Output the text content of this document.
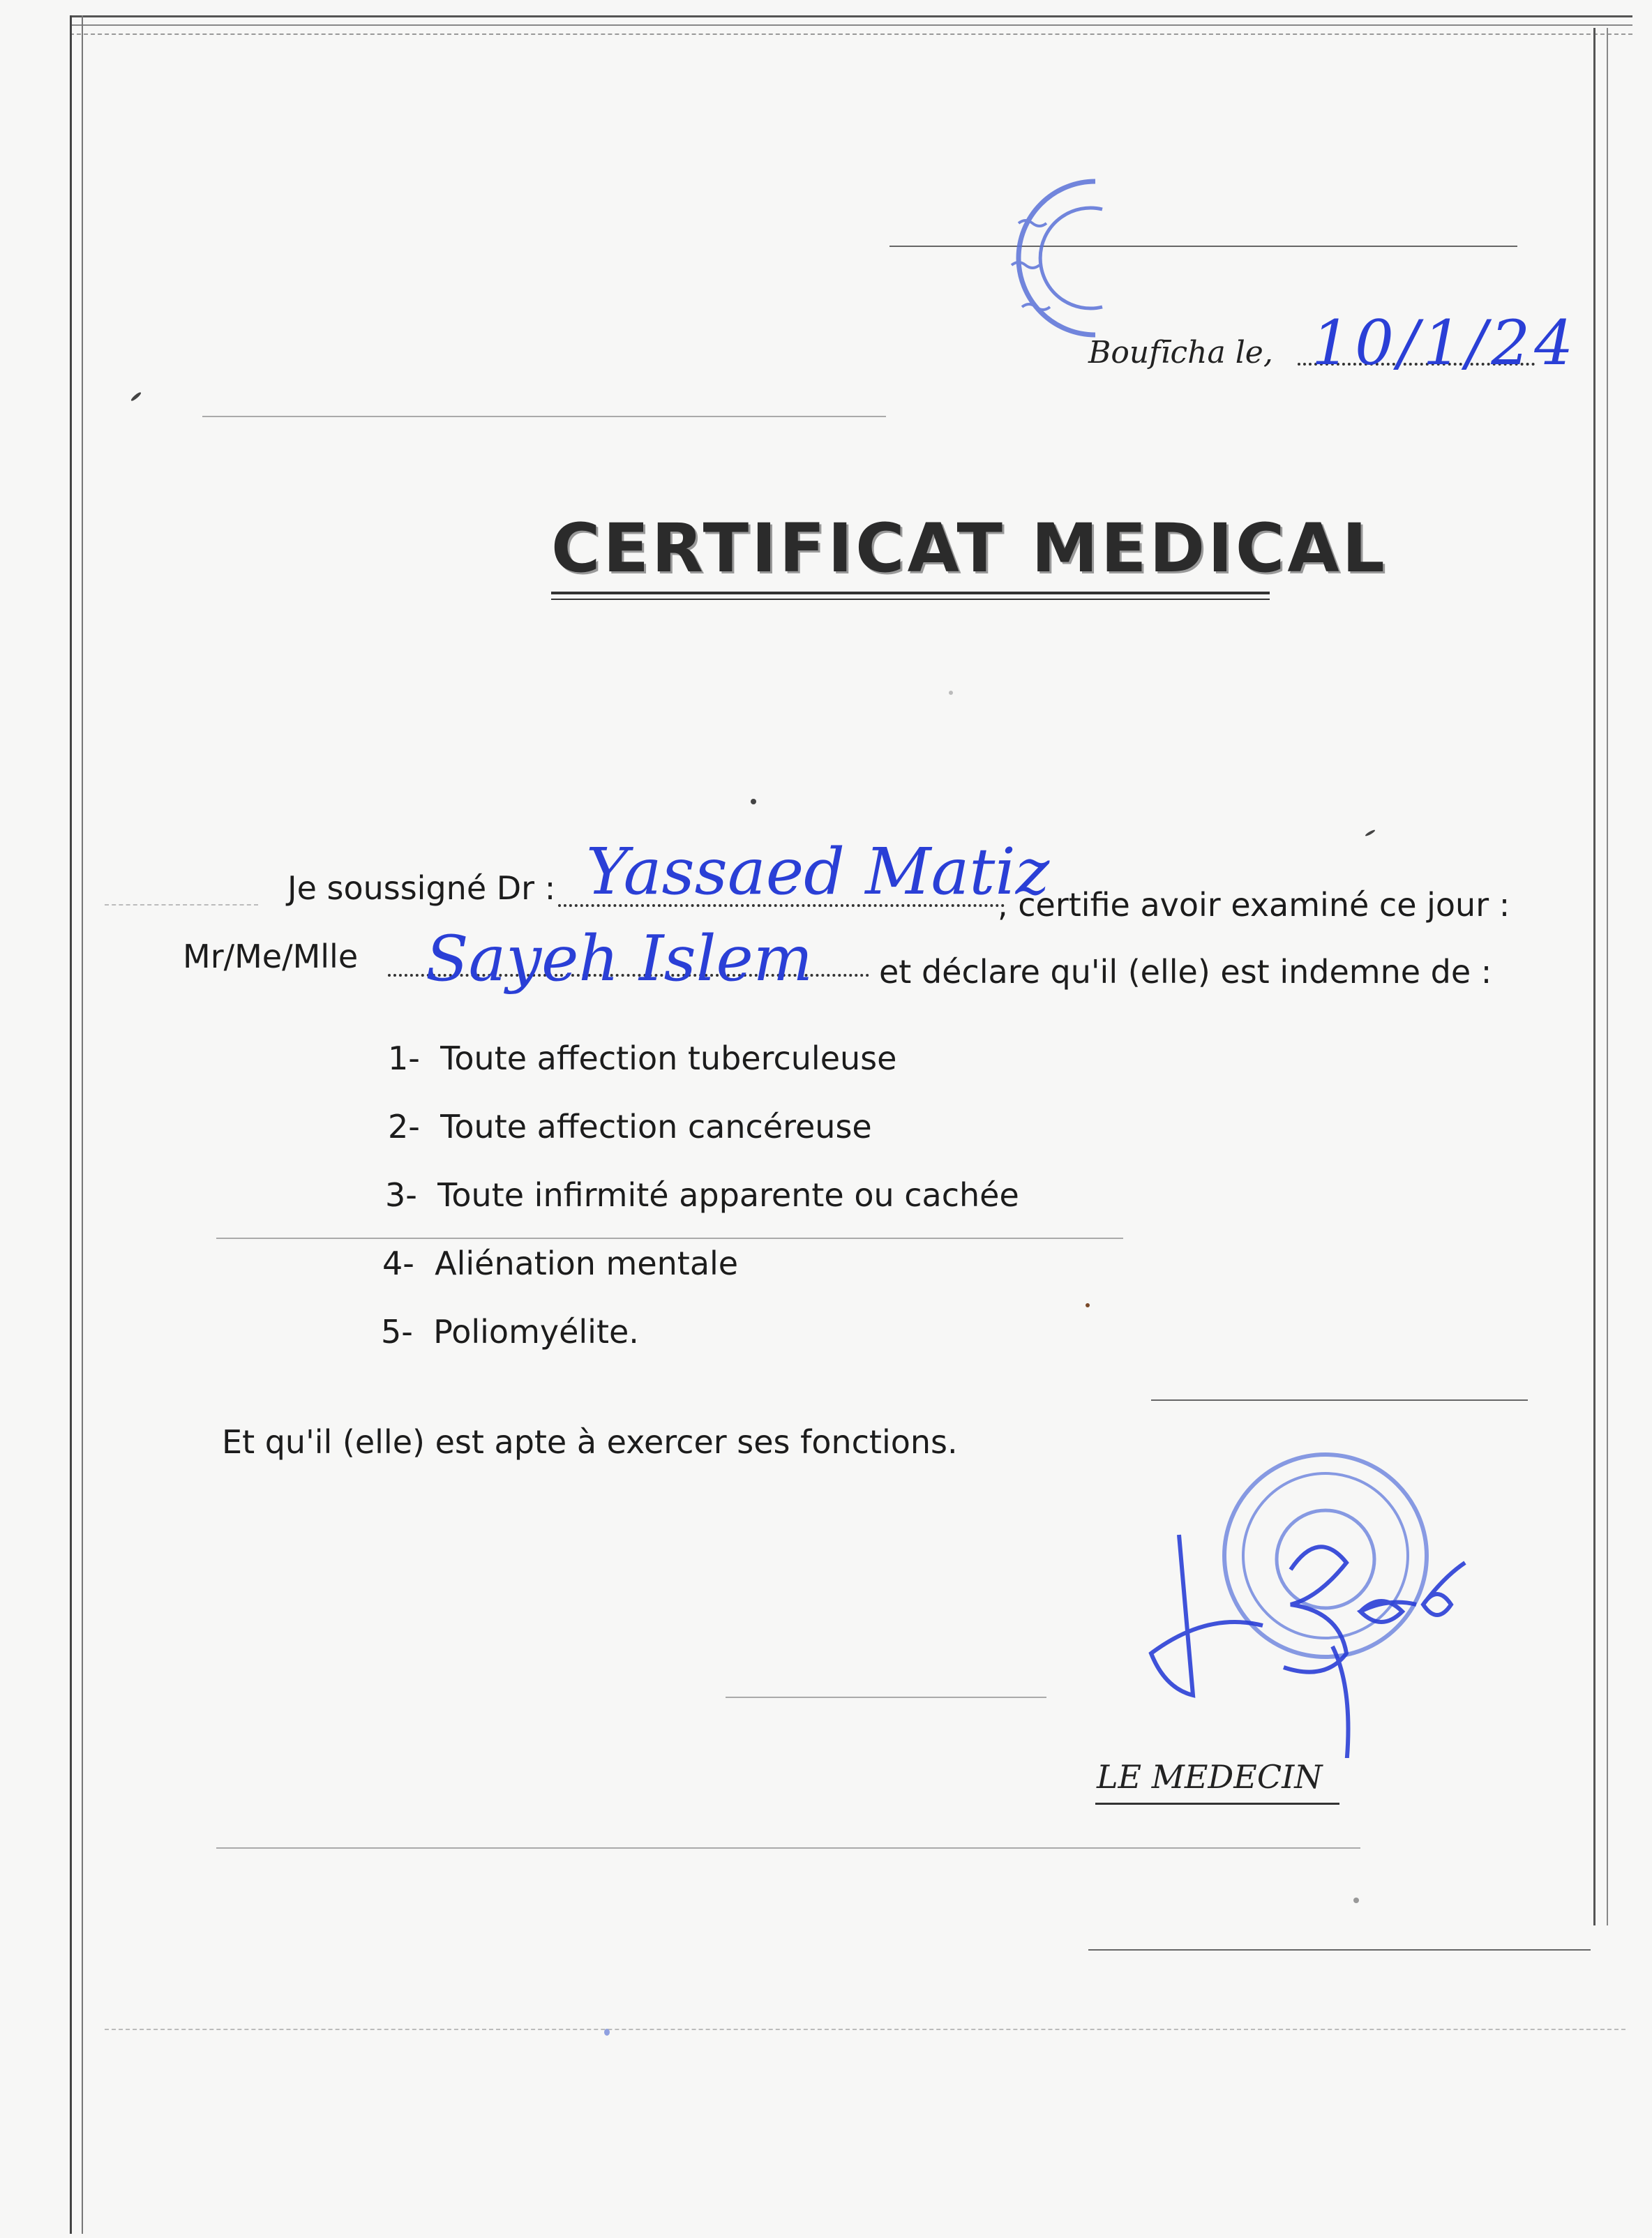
Boufīcha le, 10/1/24
CERTIFICAT MEDICAL
Je soussigné Dr : Yassaed Matiz
, certifie avoir examiné ce jour :
Mr/Me/Mlle Sayeh Islem et déclare qu'il (elle) est indemne de :
1- Toute affection tuberculeuse
2- Toute affection cancéreuse
3- Toute infirmité apparente ou cachée
4- Aliénation mentale
5- Poliomyélite.
Et qu'il (elle) est apte à exercer ses fonctions.
LE MEDECIN
